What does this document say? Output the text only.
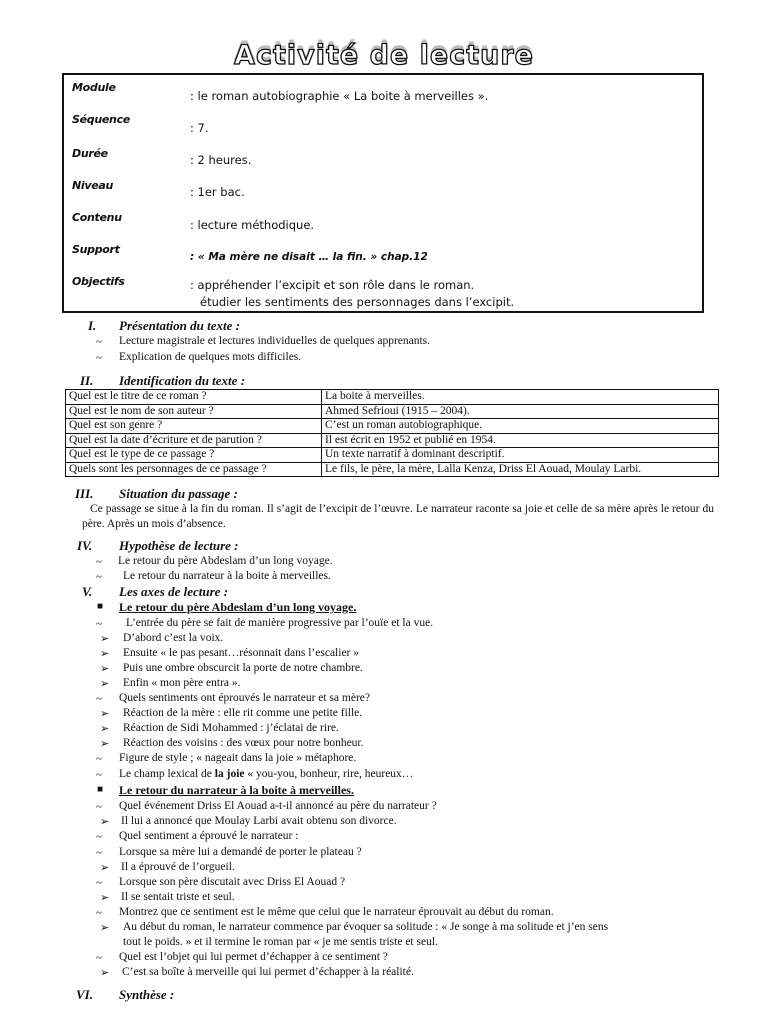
Activité de lecture
Module
: le roman autobiographie « La boite à merveilles ».
Séquence
: 7.
Durée	: 2 heures.
Niveau	: 1er bac.
Contenu
: lecture méthodique.
Support
: « Ma mère ne disait … la fin. » chap.12
Objectifs	: appréhender l’excipit et son rôle dans le roman.
étudier les sentiments des personnages dans l’excipit.
I. Présentation du texte :
~ Lecture magistrale et lectures individuelles de quelques apprenants.
~ Explication de quelques mots difficiles.
II. Identification du texte :
Quel est le titre de ce roman ?	La boite à merveilles.
Quel est le nom de son auteur ?	Ahmed Sefrioui (1915 – 2004).
Quel est son genre ?	C’est un roman autobiographique.
Quel est la date d’écriture et de parution ?	Il est écrit en 1952 et publié en 1954.
Quel est le type de ce passage ?	Un texte narratif à dominant descriptif.
Quels sont les personnages de ce passage ?	Le fils, le père, la mère, Lalla Kenza, Driss El Aouad, Moulay Larbi.
III. Situation du passage :
Ce passage se situe à la fin du roman. Il s’agit de l’excipit de l’œuvre. Le narrateur raconte sa joie et celle de sa mère après le retour du père. Après un mois d’absence.
IV. Hypothèse de lecture :
~ Le retour du père Abdeslam d’un long voyage.
~ Le retour du narrateur à la boite à merveilles.
V. Les axes de lecture :
■ Le retour du père Abdeslam d’un long voyage.
~ L’entrée du père se fait de manière progressive par l’ouïe et la vue.
➢ D’abord c’est la voix.
➢ Ensuite « le pas pesant…résonnait dans l’escalier »
➢ Puis une ombre obscurcit la porte de notre chambre.
➢ Enfin « mon père entra ».
~ Quels sentiments ont éprouvés le narrateur et sa mère?
➢ Réaction de la mère : elle rit comme une petite fille.
➢ Réaction de Sidi Mohammed : j’éclatai de rire.
➢ Réaction des voisins : des vœux pour notre bonheur.
~ Figure de style ; « nageait dans la joie » métaphore.
~ Le champ lexical de la joie « you-you, bonheur, rire, heureux…
■ Le retour du narrateur à la boite à merveilles.
~ Quel événement Driss El Aouad a-t-il annoncé au père du narrateur ?
➢ Il lui a annoncé que Moulay Larbi avait obtenu son divorce.
~ Quel sentiment a éprouvé le narrateur :
~ Lorsque sa mère lui a demandé de porter le plateau ?
➢ Il a éprouvé de l’orgueil.
~ Lorsque son père discutait avec Driss El Aouad ?
➢ Il se sentait triste et seul.
~ Montrez que ce sentiment est le même que celui que le narrateur éprouvait au début du roman.
➢ Au début du roman, le narrateur commence par évoquer sa solitude : « Je songe à ma solitude et j’en sens
tout le poids. » et il termine le roman par « je me sentis triste et seul.
~ Quel est l’objet qui lui permet d’échapper à ce sentiment ?
➢ C’est sa boîte à merveille qui lui permet d’échapper à la réalité.
VI. Synthèse :
